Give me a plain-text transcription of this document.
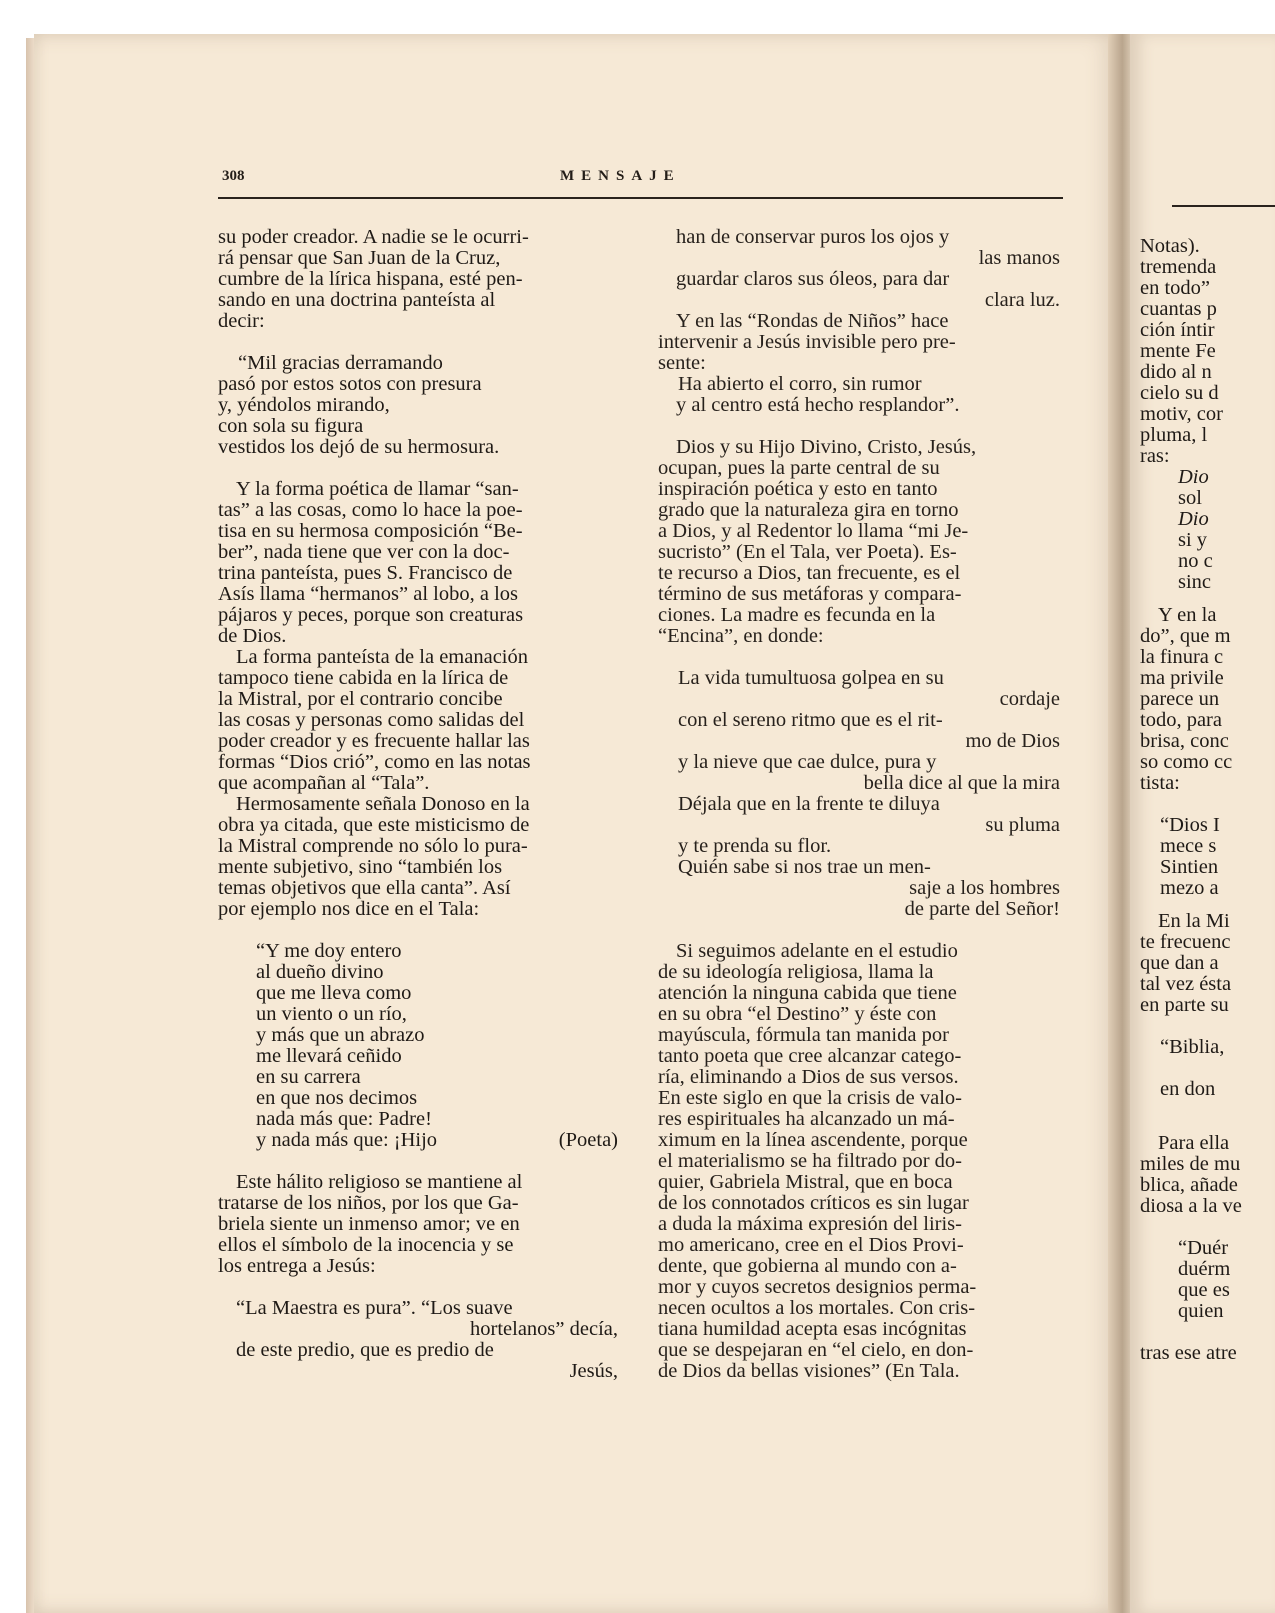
308	MENSAJE
su poder creador. A nadie se le ocurri-
rá pensar que San Juan de la Cruz,
cumbre de la lírica hispana, esté pen-
sando en una doctrina panteísta al
decir:
“Mil gracias derramando
pasó por estos sotos con presura
y, yéndolos mirando,
con sola su figura
vestidos los dejó de su hermosura.
Y la forma poética de llamar “san-
tas” a las cosas, como lo hace la poe-
tisa en su hermosa composición “Be-
ber”, nada tiene que ver con la doc-
trina panteísta, pues S. Francisco de
Asís llama “hermanos” al lobo, a los
pájaros y peces, porque son creaturas
de Dios.
La forma panteísta de la emanación
tampoco tiene cabida en la lírica de
la Mistral, por el contrario concibe
las cosas y personas como salidas del
poder creador y es frecuente hallar las
formas “Dios crió”, como en las notas
que acompañan al “Tala”.
Hermosamente señala Donoso en la
obra ya citada, que este misticismo de
la Mistral comprende no sólo lo pura-
mente subjetivo, sino “también los
temas objetivos que ella canta”. Así
por ejemplo nos dice en el Tala:
“Y me doy entero
al dueño divino
que me lleva como
un viento o un río,
y más que un abrazo
me llevará ceñido
en su carrera
en que nos decimos
nada más que: Padre!
y nada más que: ¡Hijo	(Poeta)
Este hálito religioso se mantiene al
tratarse de los niños, por los que Ga-
briela siente un inmenso amor; ve en
ellos el símbolo de la inocencia y se
los entrega a Jesús:
“La Maestra es pura”. “Los suave
hortelanos” decía,
de este predio, que es predio de
Jesús,
han de conservar puros los ojos y
las manos
guardar claros sus óleos, para dar
clara luz.
Y en las “Rondas de Niños” hace
intervenir a Jesús invisible pero pre-
sente:
Ha abierto el corro, sin rumor
y al centro está hecho resplandor”.
Dios y su Hijo Divino, Cristo, Jesús,
ocupan, pues la parte central de su
inspiración poética y esto en tanto
grado que la naturaleza gira en torno
a Dios, y al Redentor lo llama “mi Je-
sucristo” (En el Tala, ver Poeta). Es-
te recurso a Dios, tan frecuente, es el
término de sus metáforas y compara-
ciones. La madre es fecunda en la
“Encina”, en donde:
La vida tumultuosa golpea en su
cordaje
con el sereno ritmo que es el rit-
mo de Dios
y la nieve que cae dulce, pura y
bella dice al que la mira
Déjala que en la frente te diluya
su pluma
y te prenda su flor.
Quién sabe si nos trae un men-
saje a los hombres
de parte del Señor!
Si seguimos adelante en el estudio
de su ideología religiosa, llama la
atención la ninguna cabida que tiene
en su obra “el Destino” y éste con
mayúscula, fórmula tan manida por
tanto poeta que cree alcanzar catego-
ría, eliminando a Dios de sus versos.
En este siglo en que la crisis de valo-
res espirituales ha alcanzado un má-
ximum en la línea ascendente, porque
el materialismo se ha filtrado por do-
quier, Gabriela Mistral, que en boca
de los connotados críticos es sin lugar
a duda la máxima expresión del liris-
mo americano, cree en el Dios Provi-
dente, que gobierna al mundo con a-
mor y cuyos secretos designios perma-
necen ocultos a los mortales. Con cris-
tiana humildad acepta esas incógnitas
que se despejaran en “el cielo, en don-
de Dios da bellas visiones” (En Tala.
Notas).
tremenda
en todo”
cuantas p
ción íntir
mente Fe
dido al n
cielo su d
motiv, cor
pluma, l
ras:
Dio
sol
Dio
si y
no c
sinc
Y en la
do”, que m
la finura c
ma privile
parece un
todo, para
brisa, conc
so como cc
tista:
“Dios I
mece s
Sintien
mezo a
En la Mi
te frecuenc
que dan a
tal vez ésta
en parte su
“Biblia,
en don
Para ella
miles de mu
blica, añade
diosa a la ve
“Duér
duérm
que es
quien
tras ese atre
